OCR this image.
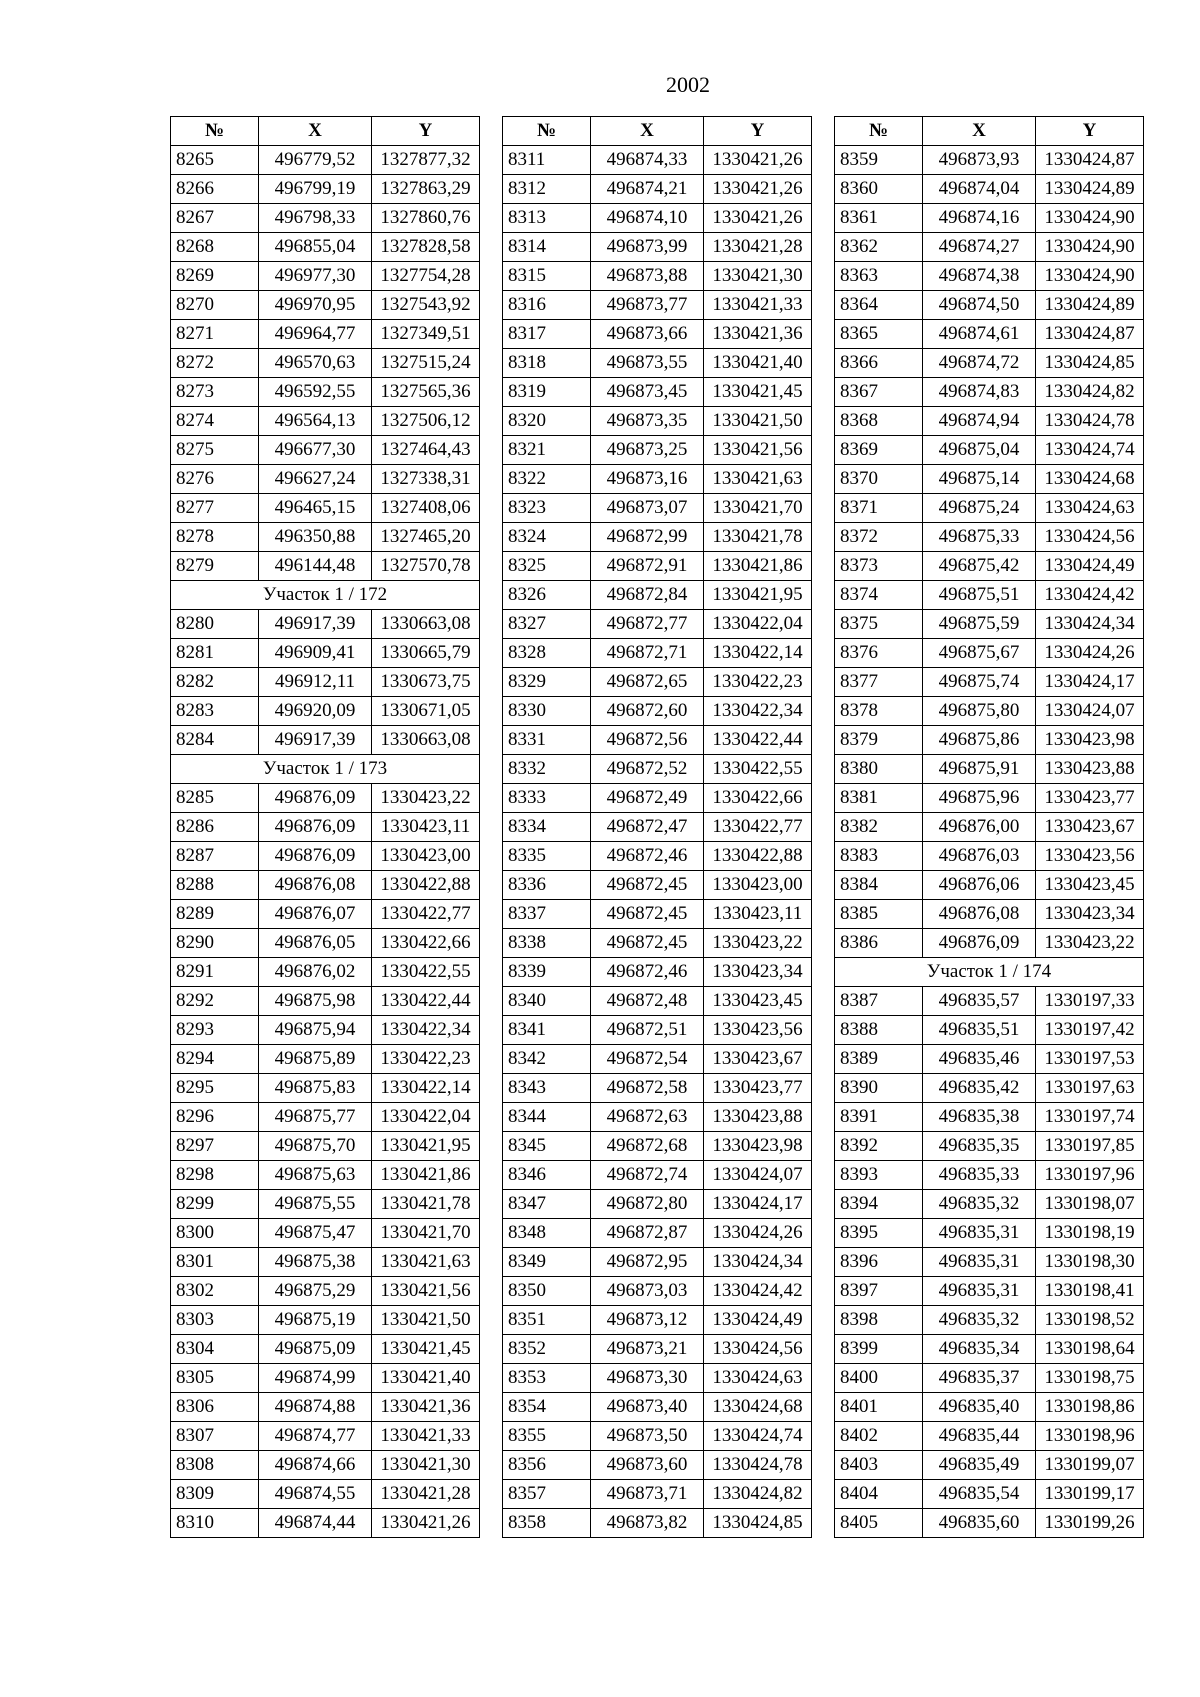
2002
№	X	Y
8265	496779,52	1327877,32
8266	496799,19	1327863,29
8267	496798,33	1327860,76
8268	496855,04	1327828,58
8269	496977,30	1327754,28
8270	496970,95	1327543,92
8271	496964,77	1327349,51
8272	496570,63	1327515,24
8273	496592,55	1327565,36
8274	496564,13	1327506,12
8275	496677,30	1327464,43
8276	496627,24	1327338,31
8277	496465,15	1327408,06
8278	496350,88	1327465,20
8279	496144,48	1327570,78
Участок 1 / 172		
8280	496917,39	1330663,08
8281	496909,41	1330665,79
8282	496912,11	1330673,75
8283	496920,09	1330671,05
8284	496917,39	1330663,08
Участок 1 / 173		
8285	496876,09	1330423,22
8286	496876,09	1330423,11
8287	496876,09	1330423,00
8288	496876,08	1330422,88
8289	496876,07	1330422,77
8290	496876,05	1330422,66
8291	496876,02	1330422,55
8292	496875,98	1330422,44
8293	496875,94	1330422,34
8294	496875,89	1330422,23
8295	496875,83	1330422,14
8296	496875,77	1330422,04
8297	496875,70	1330421,95
8298	496875,63	1330421,86
8299	496875,55	1330421,78
8300	496875,47	1330421,70
8301	496875,38	1330421,63
8302	496875,29	1330421,56
8303	496875,19	1330421,50
8304	496875,09	1330421,45
8305	496874,99	1330421,40
8306	496874,88	1330421,36
8307	496874,77	1330421,33
8308	496874,66	1330421,30
8309	496874,55	1330421,28
8310	496874,44	1330421,26
№	X	Y
8311	496874,33	1330421,26
8312	496874,21	1330421,26
8313	496874,10	1330421,26
8314	496873,99	1330421,28
8315	496873,88	1330421,30
8316	496873,77	1330421,33
8317	496873,66	1330421,36
8318	496873,55	1330421,40
8319	496873,45	1330421,45
8320	496873,35	1330421,50
8321	496873,25	1330421,56
8322	496873,16	1330421,63
8323	496873,07	1330421,70
8324	496872,99	1330421,78
8325	496872,91	1330421,86
8326	496872,84	1330421,95
8327	496872,77	1330422,04
8328	496872,71	1330422,14
8329	496872,65	1330422,23
8330	496872,60	1330422,34
8331	496872,56	1330422,44
8332	496872,52	1330422,55
8333	496872,49	1330422,66
8334	496872,47	1330422,77
8335	496872,46	1330422,88
8336	496872,45	1330423,00
8337	496872,45	1330423,11
8338	496872,45	1330423,22
8339	496872,46	1330423,34
8340	496872,48	1330423,45
8341	496872,51	1330423,56
8342	496872,54	1330423,67
8343	496872,58	1330423,77
8344	496872,63	1330423,88
8345	496872,68	1330423,98
8346	496872,74	1330424,07
8347	496872,80	1330424,17
8348	496872,87	1330424,26
8349	496872,95	1330424,34
8350	496873,03	1330424,42
8351	496873,12	1330424,49
8352	496873,21	1330424,56
8353	496873,30	1330424,63
8354	496873,40	1330424,68
8355	496873,50	1330424,74
8356	496873,60	1330424,78
8357	496873,71	1330424,82
8358	496873,82	1330424,85
№	X	Y
8359	496873,93	1330424,87
8360	496874,04	1330424,89
8361	496874,16	1330424,90
8362	496874,27	1330424,90
8363	496874,38	1330424,90
8364	496874,50	1330424,89
8365	496874,61	1330424,87
8366	496874,72	1330424,85
8367	496874,83	1330424,82
8368	496874,94	1330424,78
8369	496875,04	1330424,74
8370	496875,14	1330424,68
8371	496875,24	1330424,63
8372	496875,33	1330424,56
8373	496875,42	1330424,49
8374	496875,51	1330424,42
8375	496875,59	1330424,34
8376	496875,67	1330424,26
8377	496875,74	1330424,17
8378	496875,80	1330424,07
8379	496875,86	1330423,98
8380	496875,91	1330423,88
8381	496875,96	1330423,77
8382	496876,00	1330423,67
8383	496876,03	1330423,56
8384	496876,06	1330423,45
8385	496876,08	1330423,34
8386	496876,09	1330423,22
Участок 1 / 174		
8387	496835,57	1330197,33
8388	496835,51	1330197,42
8389	496835,46	1330197,53
8390	496835,42	1330197,63
8391	496835,38	1330197,74
8392	496835,35	1330197,85
8393	496835,33	1330197,96
8394	496835,32	1330198,07
8395	496835,31	1330198,19
8396	496835,31	1330198,30
8397	496835,31	1330198,41
8398	496835,32	1330198,52
8399	496835,34	1330198,64
8400	496835,37	1330198,75
8401	496835,40	1330198,86
8402	496835,44	1330198,96
8403	496835,49	1330199,07
8404	496835,54	1330199,17
8405	496835,60	1330199,26
